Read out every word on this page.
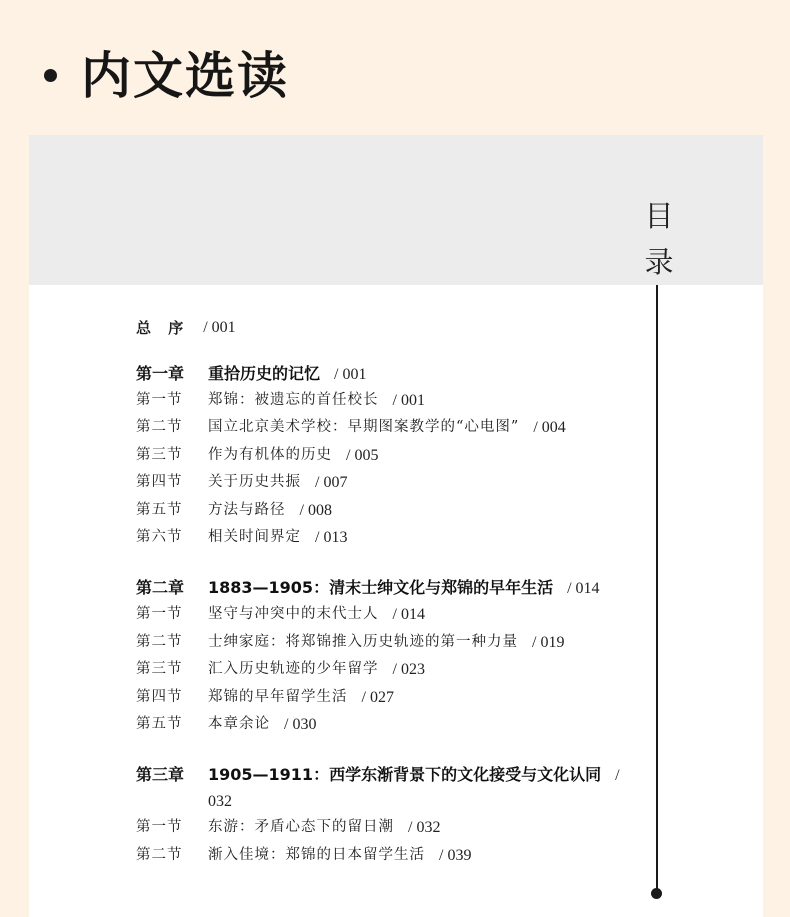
内文选读
目
录
总 序 / 001
第一章	重拾历史的记忆 / 001
第一节	郑锦：被遗忘的首任校长 / 001
第二节	国立北京美术学校：早期图案教学的“心电图” / 004
第三节	作为有机体的历史 / 005
第四节	关于历史共振 / 007
第五节	方法与路径 / 008
第六节	相关时间界定 / 013
第二章	1883—1905：清末士绅文化与郑锦的早年生活 / 014
第一节	坚守与冲突中的末代士人 / 014
第二节	士绅家庭：将郑锦推入历史轨迹的第一种力量 / 019
第三节	汇入历史轨迹的少年留学 / 023
第四节	郑锦的早年留学生活 / 027
第五节	本章余论 / 030
第三章	1905—1911：西学东渐背景下的文化接受与文化认同 / 032
第一节	东游：矛盾心态下的留日潮 / 032
第二节	渐入佳境：郑锦的日本留学生活 / 039
